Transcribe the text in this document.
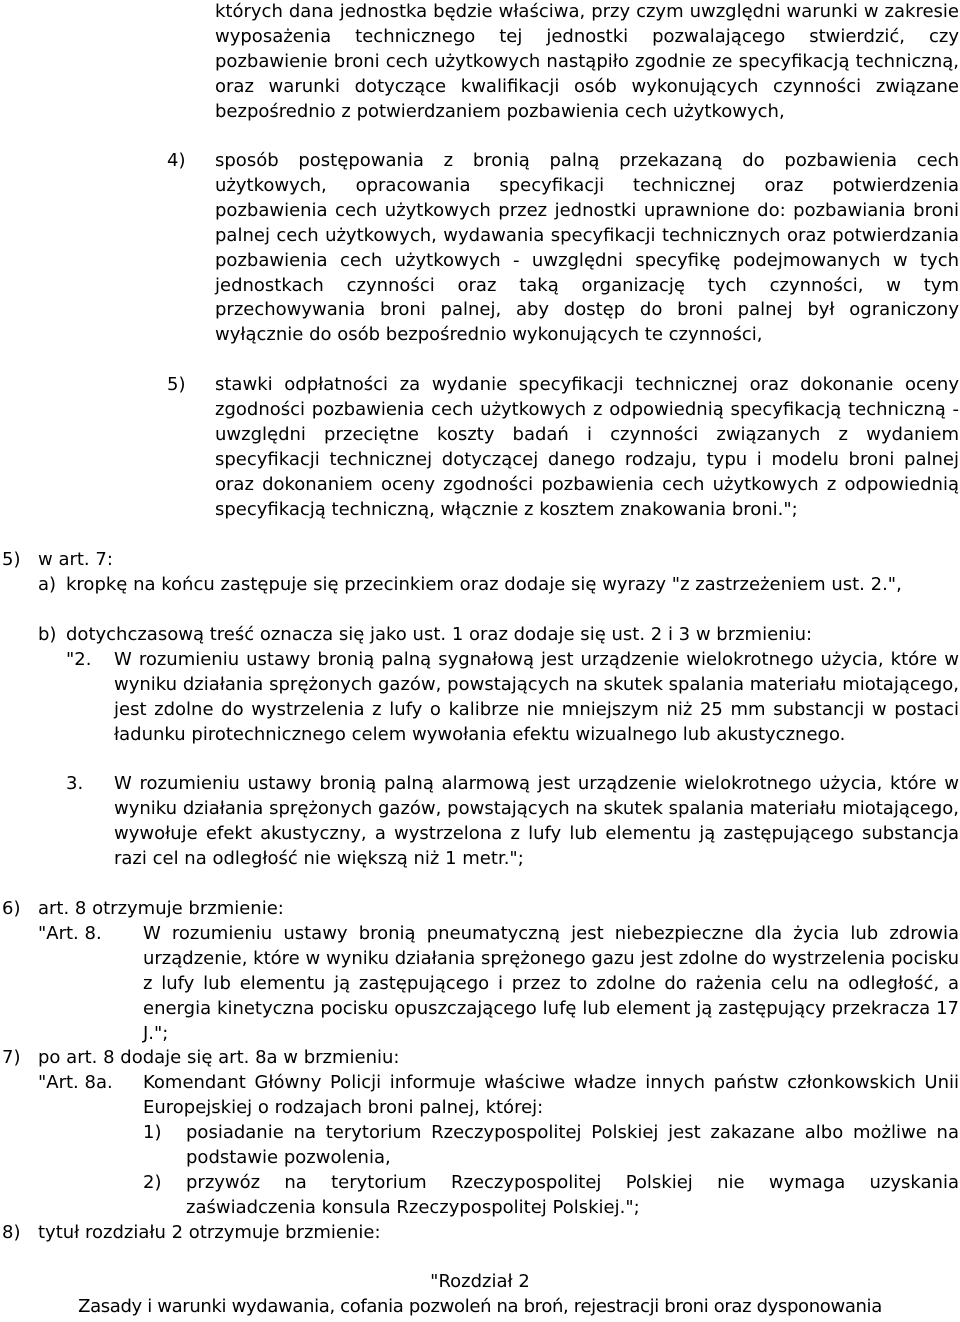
których dana jednostka będzie właściwa, przy czym uwzględni warunki w zakresie wyposażenia technicznego tej jednostki pozwalającego stwierdzić, czy pozbawienie broni cech użytkowych nastąpiło zgodnie ze specyfikacją techniczną, oraz warunki dotyczące kwalifikacji osób wykonujących czynności związane bezpośrednio z potwierdzaniem pozbawienia cech użytkowych,

4) sposób postępowania z bronią palną przekazaną do pozbawienia cech użytkowych, opracowania specyfikacji technicznej oraz potwierdzenia pozbawienia cech użytkowych przez jednostki uprawnione do: pozbawiania broni palnej cech użytkowych, wydawania specyfikacji technicznych oraz potwierdzania pozbawienia cech użytkowych - uwzględni specyfikę podejmowanych w tych jednostkach czynności oraz taką organizację tych czynności, w tym przechowywania broni palnej, aby dostęp do broni palnej był ograniczony wyłącznie do osób bezpośrednio wykonujących te czynności,

5) stawki odpłatności za wydanie specyfikacji technicznej oraz dokonanie oceny zgodności pozbawienia cech użytkowych z odpowiednią specyfikacją techniczną - uwzględni przeciętne koszty badań i czynności związanych z wydaniem specyfikacji technicznej dotyczącej danego rodzaju, typu i modelu broni palnej oraz dokonaniem oceny zgodności pozbawienia cech użytkowych z odpowiednią specyfikacją techniczną, włącznie z kosztem znakowania broni.";

5) w art. 7:

a) kropkę na końcu zastępuje się przecinkiem oraz dodaje się wyrazy "z zastrzeżeniem ust. 2.",

b) dotychczasową treść oznacza się jako ust. 1 oraz dodaje się ust. 2 i 3 w brzmieniu:

"2. W rozumieniu ustawy bronią palną sygnałową jest urządzenie wielokrotnego użycia, które w wyniku działania sprężonych gazów, powstających na skutek spalania materiału miotającego, jest zdolne do wystrzelenia z lufy o kalibrze nie mniejszym niż 25 mm substancji w postaci ładunku pirotechnicznego celem wywołania efektu wizualnego lub akustycznego.

3. W rozumieniu ustawy bronią palną alarmową jest urządzenie wielokrotnego użycia, które w wyniku działania sprężonych gazów, powstających na skutek spalania materiału miotającego, wywołuje efekt akustyczny, a wystrzelona z lufy lub elementu ją zastępującego substancja razi cel na odległość nie większą niż 1 metr.";

6) art. 8 otrzymuje brzmienie:

"Art. 8. W rozumieniu ustawy bronią pneumatyczną jest niebezpieczne dla życia lub zdrowia urządzenie, które w wyniku działania sprężonego gazu jest zdolne do wystrzelenia pocisku z lufy lub elementu ją zastępującego i przez to zdolne do rażenia celu na odległość, a energia kinetyczna pocisku opuszczającego lufę lub element ją zastępujący przekracza 17 J.";

7) po art. 8 dodaje się art. 8a w brzmieniu:

"Art. 8a. Komendant Główny Policji informuje właściwe władze innych państw członkowskich Unii Europejskiej o rodzajach broni palnej, której:

1) posiadanie na terytorium Rzeczypospolitej Polskiej jest zakazane albo możliwe na podstawie pozwolenia,

2) przywóz na terytorium Rzeczypospolitej Polskiej nie wymaga uzyskania zaświadczenia konsula Rzeczypospolitej Polskiej.";

8) tytuł rozdziału 2 otrzymuje brzmienie:

"Rozdział 2

Zasady i warunki wydawania, cofania pozwoleń na broń, rejestracji broni oraz dysponowania
